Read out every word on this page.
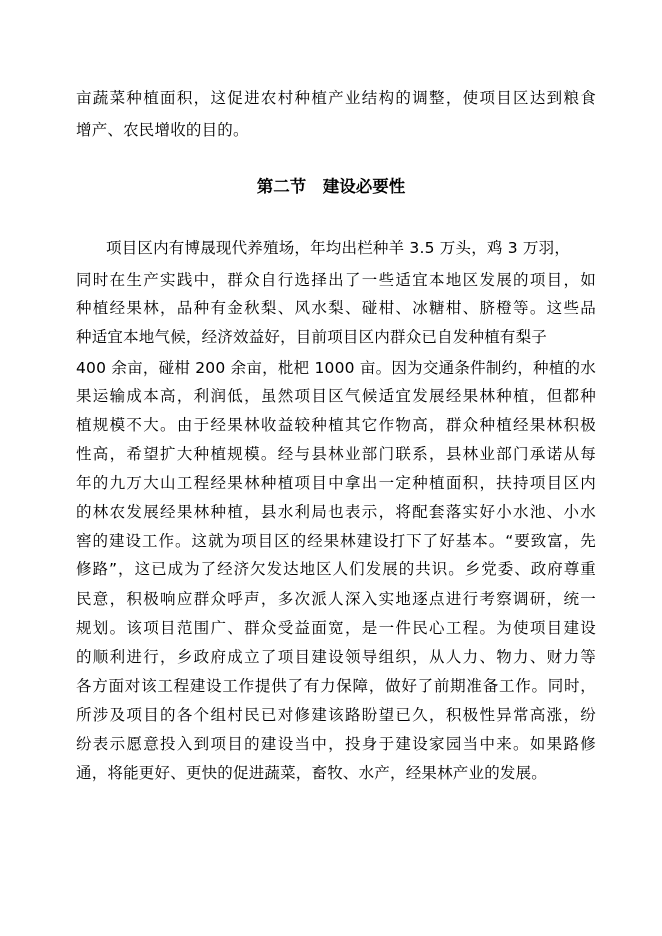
亩蔬菜种植面积，这促进农村种植产业结构的调整，使项目区达到粮食
增产、农民增收的目的。
第二节　建设必要性
项目区内有博晟现代养殖场，年均出栏种羊 3.5 万头，鸡 3 万羽，
同时在生产实践中，群众自行选择出了一些适宜本地区发展的项目，如
种植经果林，品种有金秋梨、风水梨、碰柑、冰糖柑、脐橙等。这些品
种适宜本地气候，经济效益好，目前项目区内群众已自发种植有梨子
400 余亩，碰柑 200 余亩，枇杷 1000 亩。因为交通条件制约，种植的水
果运输成本高，利润低，虽然项目区气候适宜发展经果林种植，但都种
植规模不大。由于经果林收益较种植其它作物高，群众种植经果林积极
性高，希望扩大种植规模。经与县林业部门联系，县林业部门承诺从每
年的九万大山工程经果林种植项目中拿出一定种植面积，扶持项目区内
的林农发展经果林种植，县水利局也表示，将配套落实好小水池、小水
窖的建设工作。这就为项目区的经果林建设打下了好基本。“要致富，先
修路”，这已成为了经济欠发达地区人们发展的共识。乡党委、政府尊重
民意，积极响应群众呼声，多次派人深入实地逐点进行考察调研，统一
规划。该项目范围广、群众受益面宽，是一件民心工程。为使项目建设
的顺利进行，乡政府成立了项目建设领导组织，从人力、物力、财力等
各方面对该工程建设工作提供了有力保障，做好了前期准备工作。同时，
所涉及项目的各个组村民已对修建该路盼望已久，积极性异常高涨，纷
纷表示愿意投入到项目的建设当中，投身于建设家园当中来。如果路修
通，将能更好、更快的促进蔬菜，畜牧、水产，经果林产业的发展。
